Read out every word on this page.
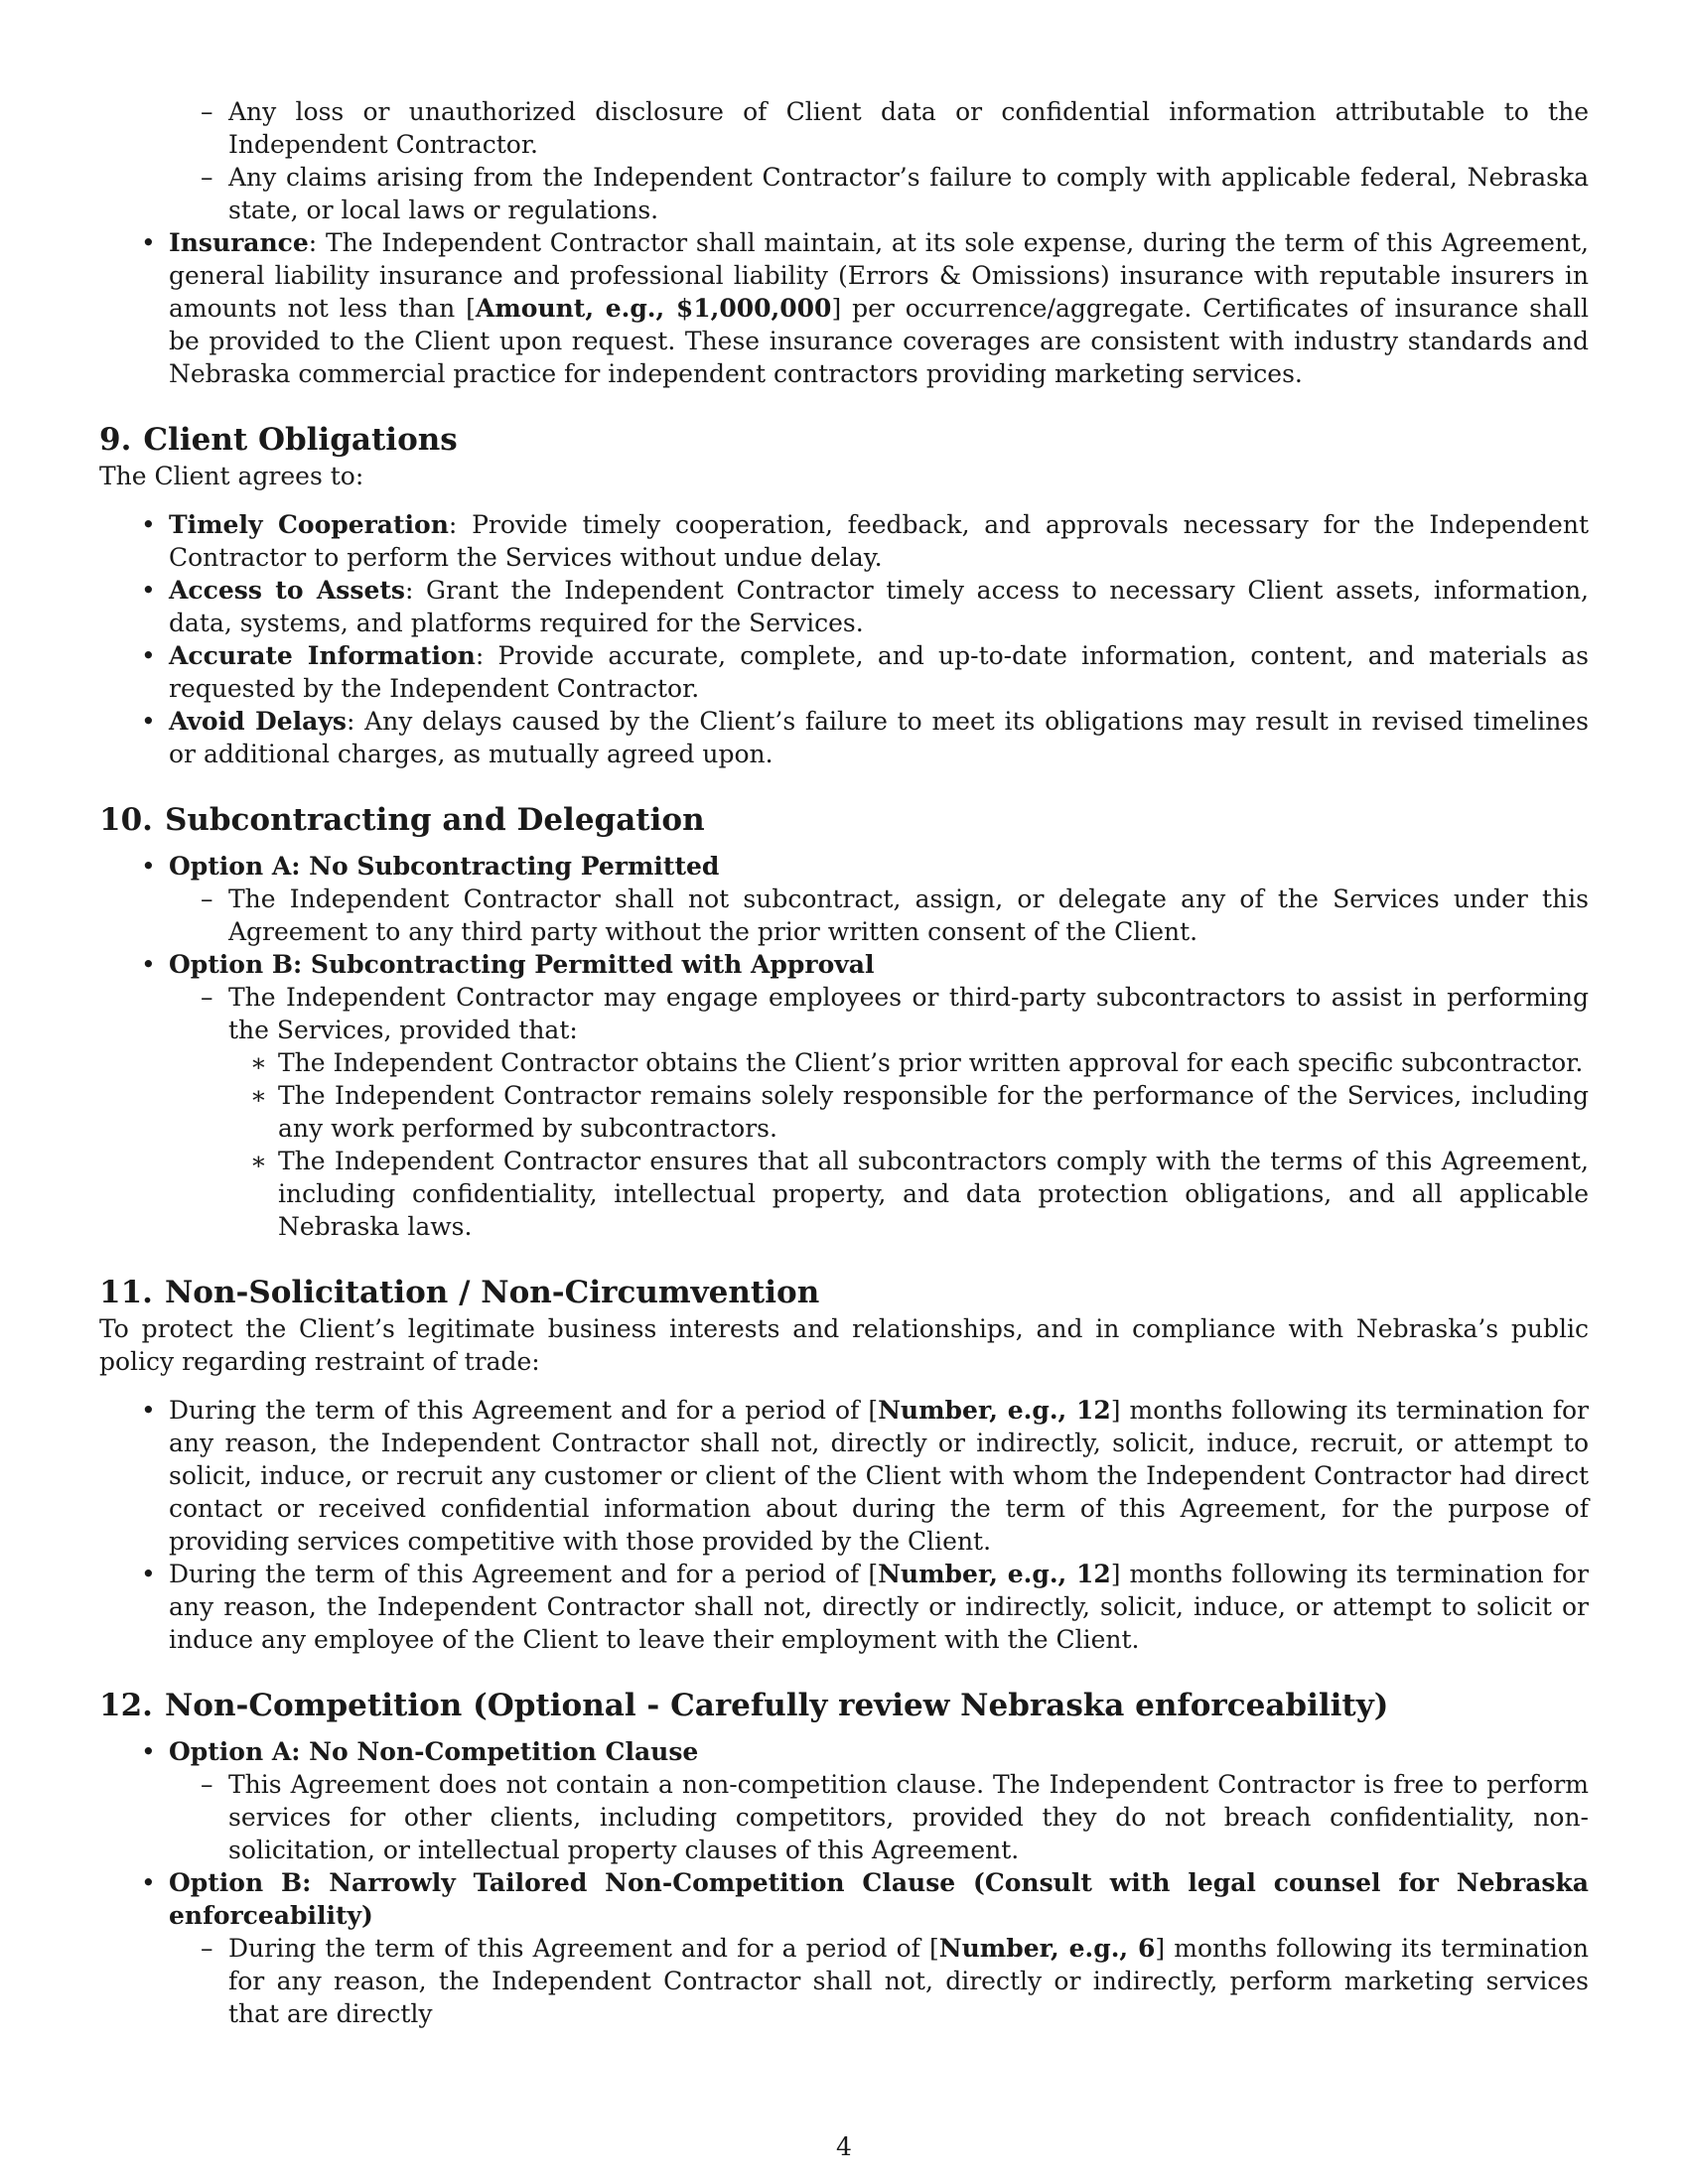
– Any loss or unauthorized disclosure of Client data or confidential information attributable to the Independent Contractor.
– Any claims arising from the Independent Contractor’s failure to comply with applicable federal, Nebraska state, or local laws or regulations.
• Insurance: The Independent Contractor shall maintain, at its sole expense, during the term of this Agreement, general liability insurance and professional liability (Errors & Omissions) insurance with reputable insurers in amounts not less than [Amount, e.g., $1,000,000] per occurrence/aggregate. Certificates of insurance shall be provided to the Client upon request. These insurance coverages are consistent with industry standards and Nebraska commercial practice for independent contractors providing marketing services.
9. Client Obligations

The Client agrees to:

• Timely Cooperation: Provide timely cooperation, feedback, and approvals necessary for the Independent Contractor to perform the Services without undue delay.
• Access to Assets: Grant the Independent Contractor timely access to necessary Client assets, information, data, systems, and platforms required for the Services.
• Accurate Information: Provide accurate, complete, and up-to-date information, content, and materials as requested by the Independent Contractor.
• Avoid Delays: Any delays caused by the Client’s failure to meet its obligations may result in revised timelines or additional charges, as mutually agreed upon.
10. Subcontracting and Delegation
• Option A: No Subcontracting Permitted
– The Independent Contractor shall not subcontract, assign, or delegate any of the Services under this Agreement to any third party without the prior written consent of the Client.
• Option B: Subcontracting Permitted with Approval
– The Independent Contractor may engage employees or third-party subcontractors to assist in performing the Services, provided that:
∗ The Independent Contractor obtains the Client’s prior written approval for each specific subcontractor.
∗ The Independent Contractor remains solely responsible for the performance of the Services, including any work performed by subcontractors.
∗ The Independent Contractor ensures that all subcontractors comply with the terms of this Agreement, including confidentiality, intellectual property, and data protection obligations, and all applicable Nebraska laws.
11. Non-Solicitation / Non-Circumvention

To protect the Client’s legitimate business interests and relationships, and in compliance with Nebraska’s public policy regarding restraint of trade:

• During the term of this Agreement and for a period of [Number, e.g., 12] months following its termination for any reason, the Independent Contractor shall not, directly or indirectly, solicit, induce, recruit, or attempt to solicit, induce, or recruit any customer or client of the Client with whom the Independent Contractor had direct contact or received confidential information about during the term of this Agreement, for the purpose of providing services competitive with those provided by the Client.
• During the term of this Agreement and for a period of [Number, e.g., 12] months following its termination for any reason, the Independent Contractor shall not, directly or indirectly, solicit, induce, or attempt to solicit or induce any employee of the Client to leave their employment with the Client.
12. Non-Competition (Optional - Carefully review Nebraska enforceability)
• Option A: No Non-Competition Clause
– This Agreement does not contain a non-competition clause. The Independent Contractor is free to perform services for other clients, including competitors, provided they do not breach confidentiality, non-solicitation, or intellectual property clauses of this Agreement.
• Option B: Narrowly Tailored Non-Competition Clause (Consult with legal counsel for Nebraska enforceability)
– During the term of this Agreement and for a period of [Number, e.g., 6] months following its termination for any reason, the Independent Contractor shall not, directly or indirectly, perform marketing services that are directly
4
